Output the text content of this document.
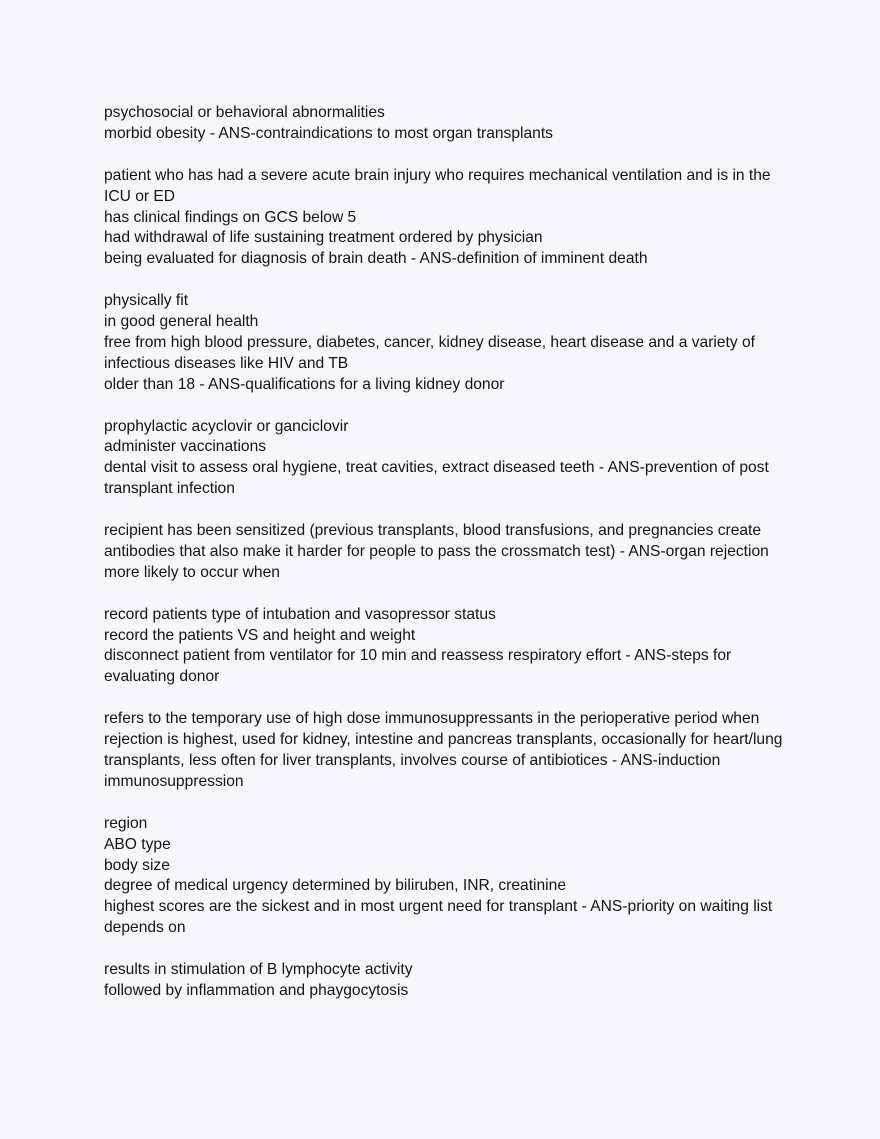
psychosocial or behavioral abnormalities
morbid obesity - ANS-contraindications to most organ transplants
patient who has had a severe acute brain injury who requires mechanical ventilation and is in the ICU or ED
has clinical findings on GCS below 5
had withdrawal of life sustaining treatment ordered by physician
being evaluated for diagnosis of brain death - ANS-definition of imminent death
physically fit
in good general health
free from high blood pressure, diabetes, cancer, kidney disease, heart disease and a variety of infectious diseases like HIV and TB
older than 18 - ANS-qualifications for a living kidney donor
prophylactic acyclovir or ganciclovir
administer vaccinations
dental visit to assess oral hygiene, treat cavities, extract diseased teeth - ANS-prevention of post transplant infection
recipient has been sensitized (previous transplants, blood transfusions, and pregnancies create antibodies that also make it harder for people to pass the crossmatch test) - ANS-organ rejection more likely to occur when
record patients type of intubation and vasopressor status
record the patients VS and height and weight
disconnect patient from ventilator for 10 min and reassess respiratory effort - ANS-steps for evaluating donor
refers to the temporary use of high dose immunosuppressants in the perioperative period when rejection is highest, used for kidney, intestine and pancreas transplants, occasionally for heart/lung transplants, less often for liver transplants, involves course of antibiotices - ANS-induction immunosuppression
region
ABO type
body size
degree of medical urgency determined by biliruben, INR, creatinine
highest scores are the sickest and in most urgent need for transplant - ANS-priority on waiting list depends on
results in stimulation of B lymphocyte activity
followed by inflammation and phaygocytosis
